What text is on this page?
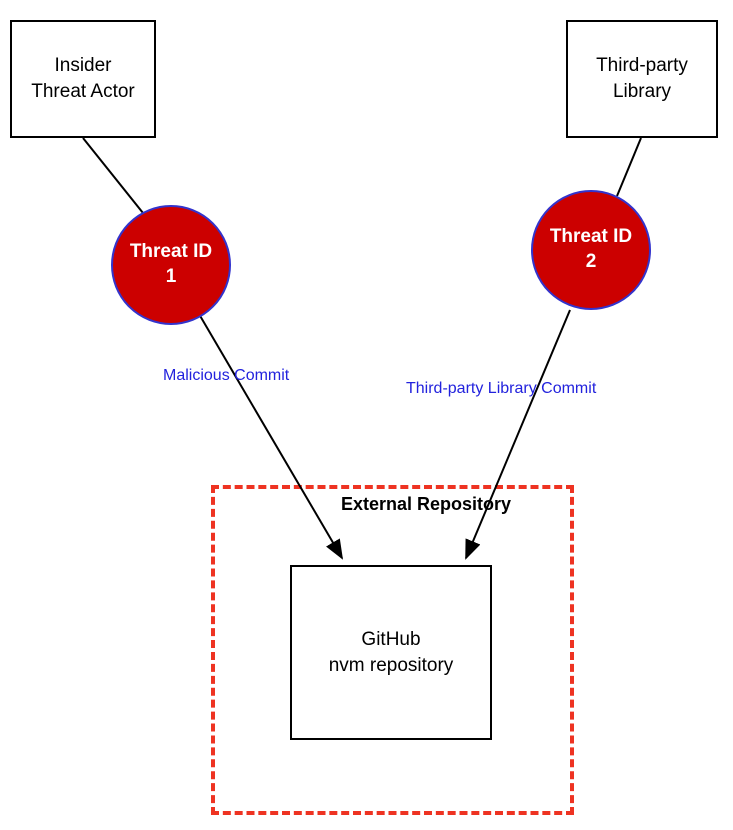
External Repository
Insider
Threat Actor
Third-party
Library
Threat ID
1
Threat ID
2
GitHub
nvm repository
Malicious Commit
Third-party Library Commit
